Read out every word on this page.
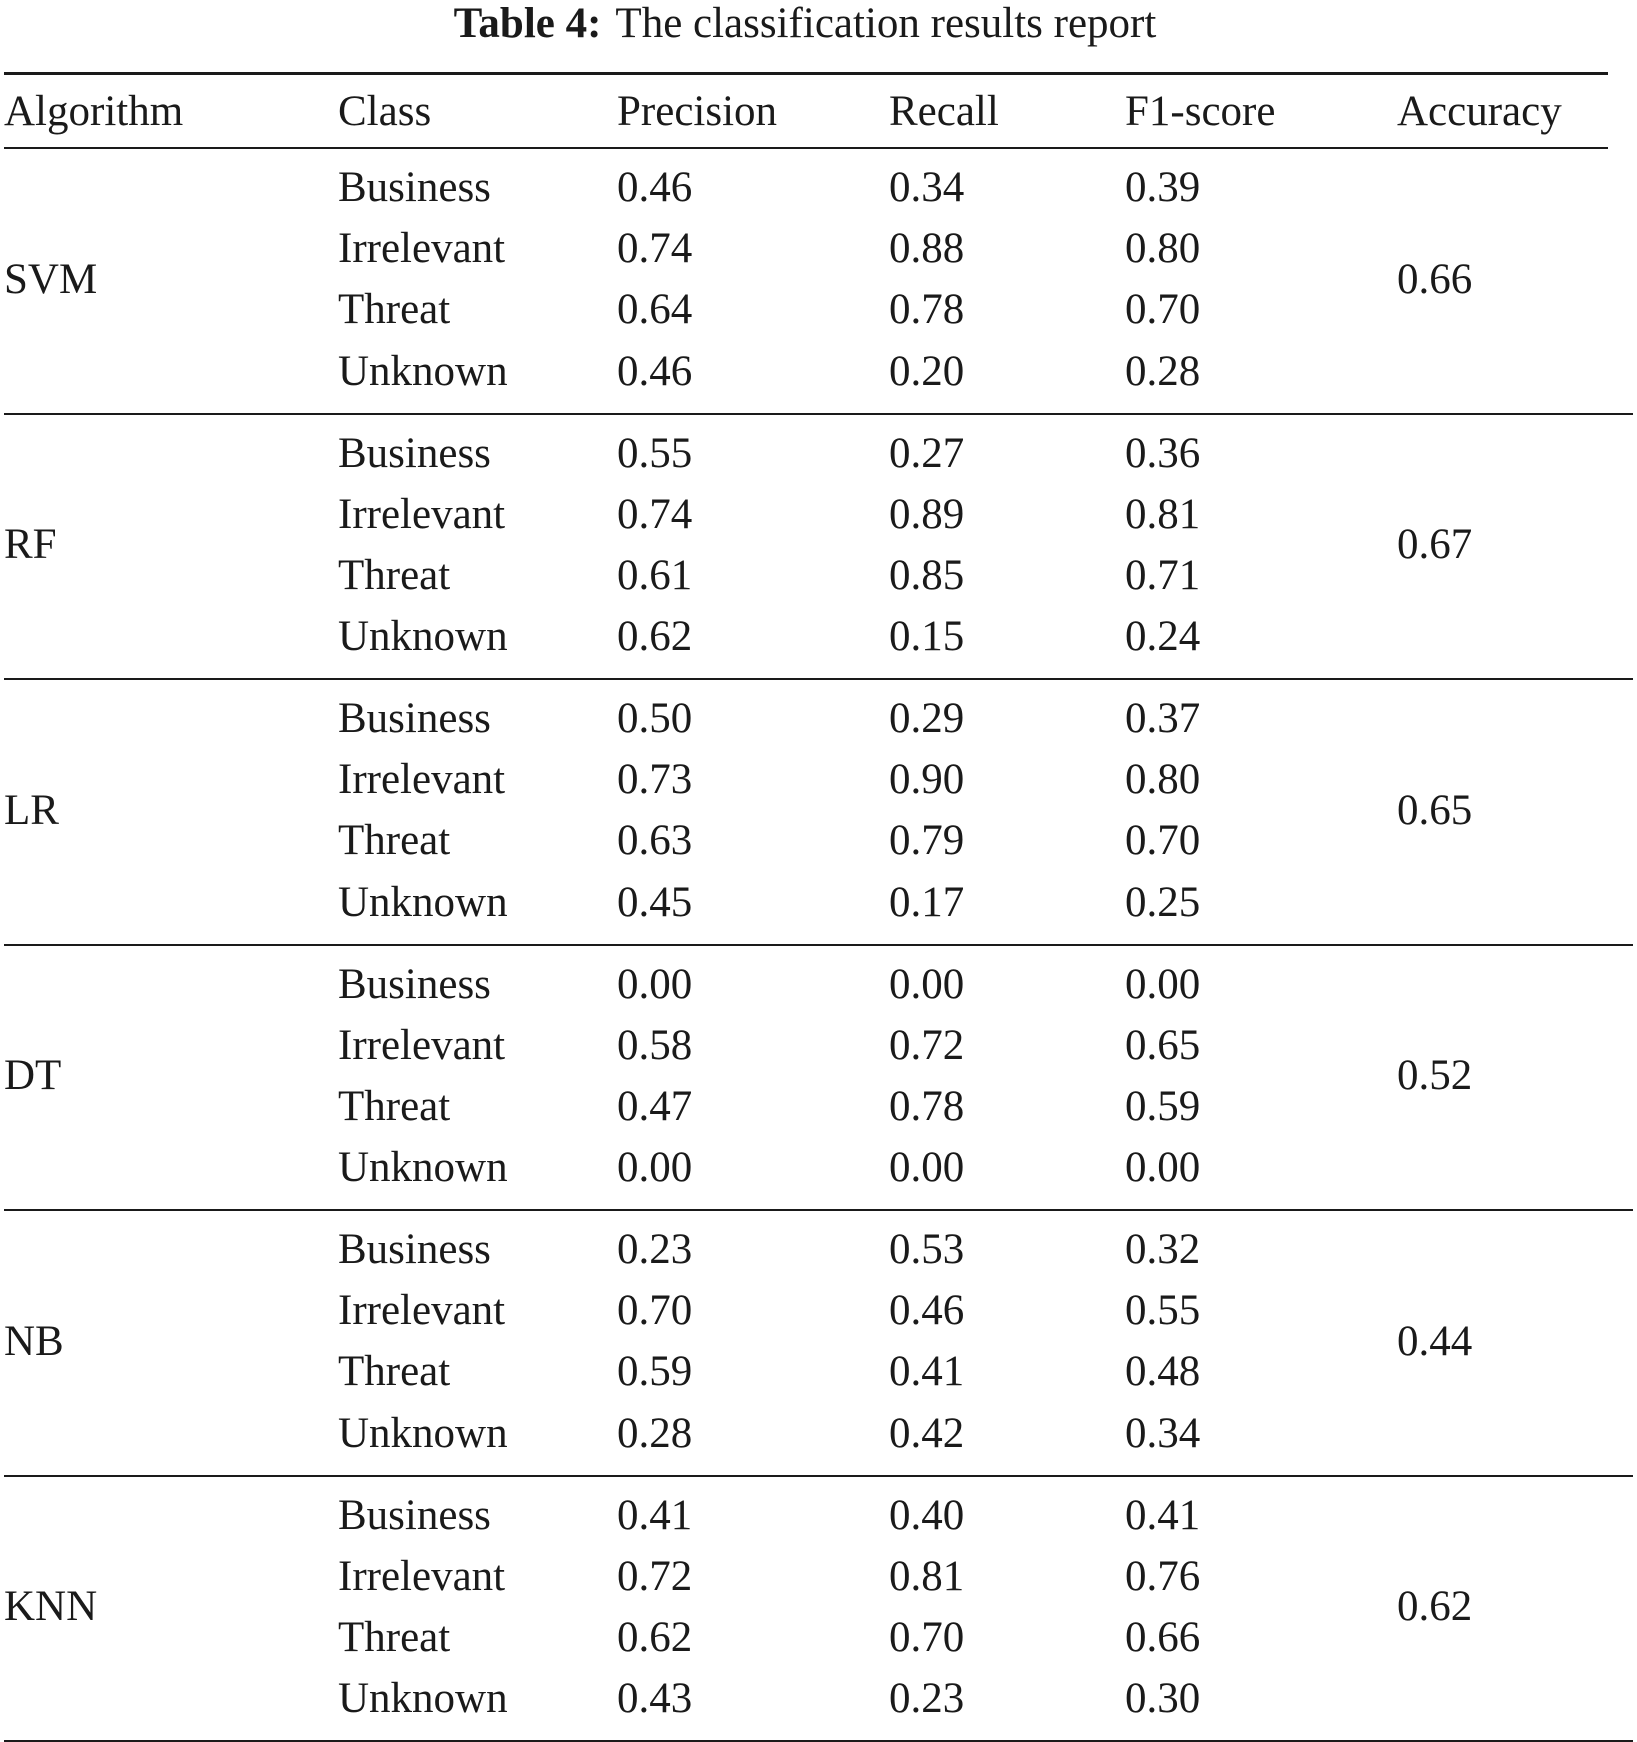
Table 4: The classification results report
Algorithm	Class	Precision	Recall	F1-score	Accuracy
SVM	0.66
Business	0.46	0.34	0.39
Irrelevant	0.74	0.88	0.80
Threat	0.64	0.78	0.70
Unknown	0.46	0.20	0.28
RF	0.67
Business	0.55	0.27	0.36
Irrelevant	0.74	0.89	0.81
Threat	0.61	0.85	0.71
Unknown	0.62	0.15	0.24
LR	0.65
Business	0.50	0.29	0.37
Irrelevant	0.73	0.90	0.80
Threat	0.63	0.79	0.70
Unknown	0.45	0.17	0.25
DT	0.52
Business	0.00	0.00	0.00
Irrelevant	0.58	0.72	0.65
Threat	0.47	0.78	0.59
Unknown	0.00	0.00	0.00
NB	0.44
Business	0.23	0.53	0.32
Irrelevant	0.70	0.46	0.55
Threat	0.59	0.41	0.48
Unknown	0.28	0.42	0.34
KNN	0.62
Business	0.41	0.40	0.41
Irrelevant	0.72	0.81	0.76
Threat	0.62	0.70	0.66
Unknown	0.43	0.23	0.30
